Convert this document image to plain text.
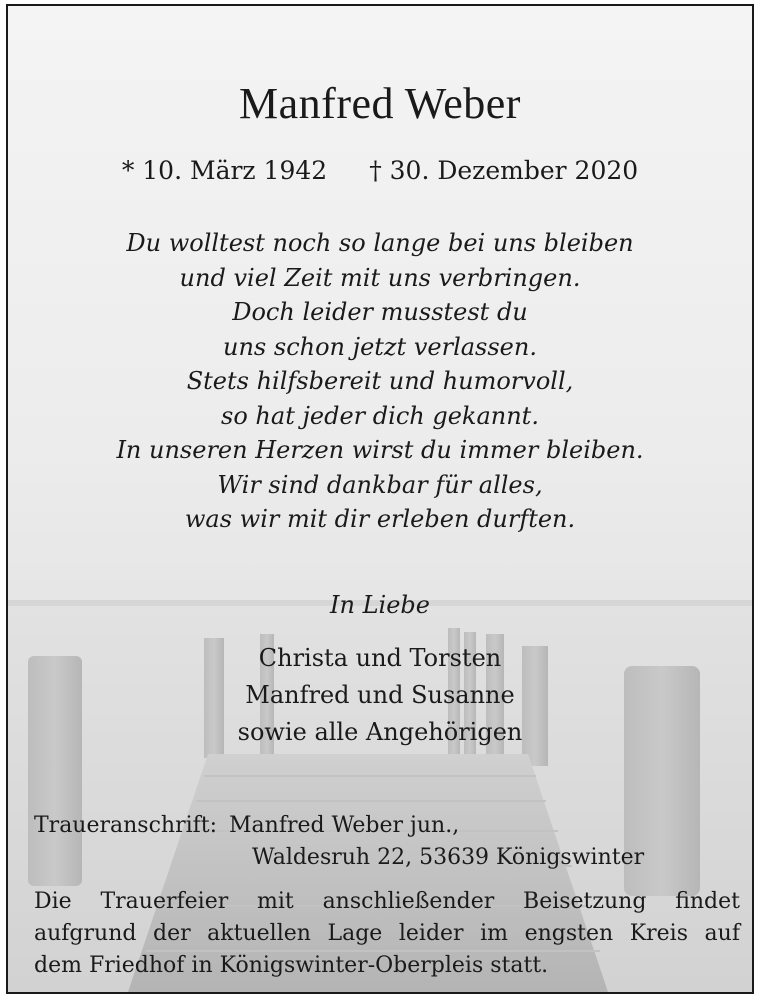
Manfred Weber
* 10. März 1942 † 30. Dezember 2020
Du wolltest noch so lange bei uns bleiben
und viel Zeit mit uns verbringen.
Doch leider musstest du
uns schon jetzt verlassen.
Stets hilfsbereit und humorvoll,
so hat jeder dich gekannt.
In unseren Herzen wirst du immer bleiben.
Wir sind dankbar für alles,
was wir mit dir erleben durften.
In Liebe
Christa und Torsten
Manfred und Susanne
sowie alle Angehörigen
Traueranschrift: Manfred Weber jun.,
Waldesruh 22, 53639 Königswinter
Die Trauerfeier mit anschließender Beisetzung findet
aufgrund der aktuellen Lage leider im engsten Kreis auf
dem Friedhof in Königswinter-Oberpleis statt.
